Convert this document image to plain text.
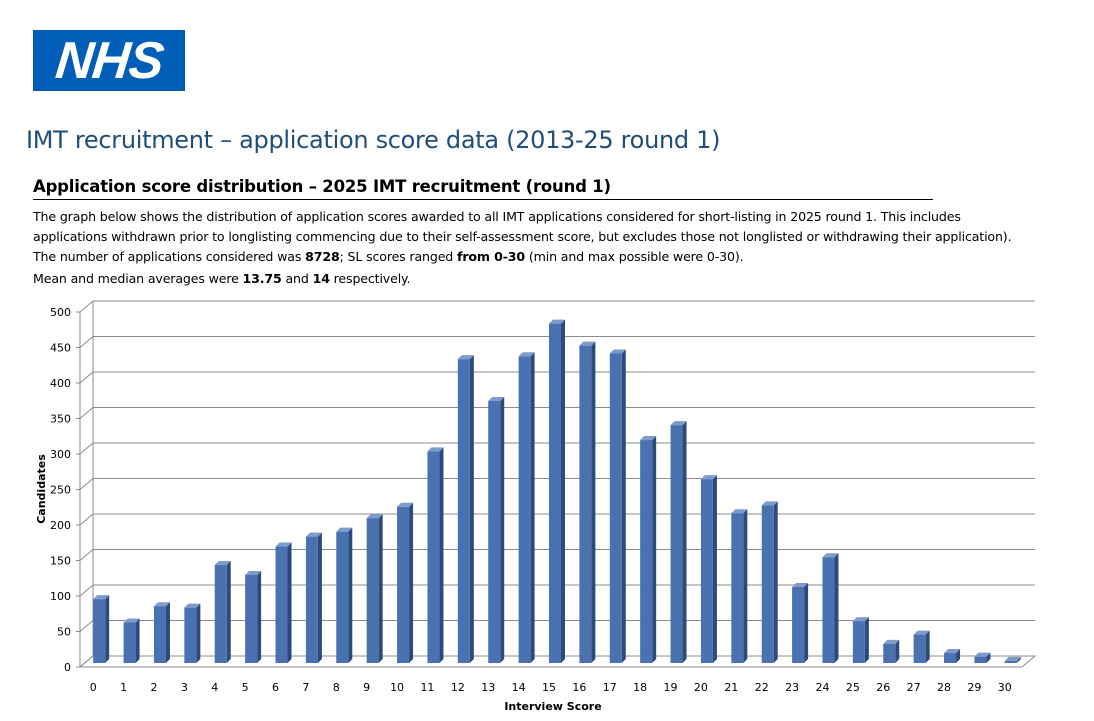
NHS
IMT recruitment – application score data (2013-25 round 1)
Application score distribution – 2025 IMT recruitment (round 1)

The graph below shows the distribution of application scores awarded to all IMT applications considered for short-listing in 2025 round 1. This includes applications withdrawn prior to longlisting commencing due to their self-assessment score, but excludes those not longlisted or withdrawing their application). The number of applications considered was 8728; SL scores ranged from 0-30 (min and max possible were 0-30).

Mean and median averages were 13.75 and 14 respectively.

0
50
100
150
200
250
300
350
400
450
500
0 1 2 3 4 5 6 7 8 9 10 11 12 13 14 15 16 17 18 19 20 21 22 23 24 25 26 27 28 29 30
Candidates
Interview Score
